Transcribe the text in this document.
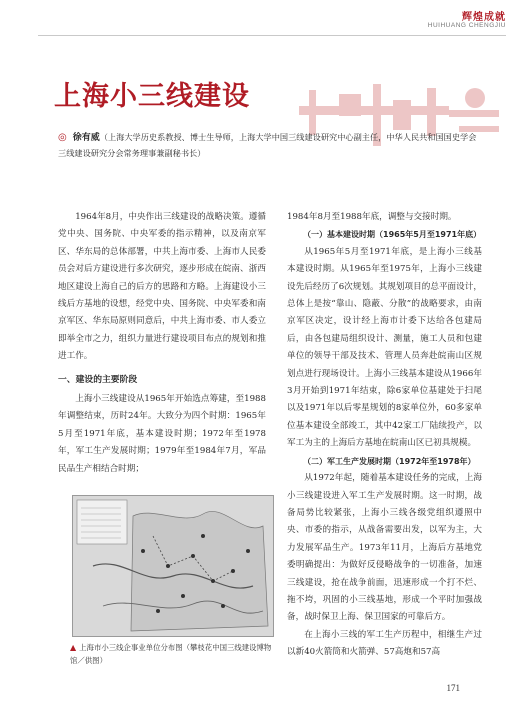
辉煌成就
HUIHUANG CHENGJIU
上海小三线建设
◎ 徐有威（上海大学历史系教授、博士生导师，上海大学中国三线建设研究中心副主任，中华人民共和国国史学会三线建设研究分会常务理事兼副秘书长）

1964年8月，中央作出三线建设的战略决策。遵循党中央、国务院、中央军委的指示精神，以及南京军区、华东局的总体部署，中共上海市委、上海市人民委员会对后方建设进行多次研究，逐步形成在皖南、浙西地区建设上海自己的后方的思路和方略。上海建设小三线后方基地的设想，经党中央、国务院、中央军委和南京军区、华东局原则同意后，中共上海市委、市人委立即举全市之力，组织力量进行建设项目布点的规划和推进工作。

一、建设的主要阶段

上海小三线建设从1965年开始选点筹建，至1988年调整结束，历时24年。大致分为四个时期：1965年5月至1971年底，基本建设时期；1972年至1978年，军工生产发展时期；1979年至1984年7月，军品民品生产相结合时期；

▲ 上海市小三线企事业单位分布图（攀枝花中国三线建设博物馆／供图）
1984年8月至1988年底，调整与交接时期。
（一）基本建设时期（1965年5月至1971年底）

从1965年5月至1971年底，是上海小三线基本建设时期。从1965年至1975年，上海小三线建设先后经历了6次规划。其规划项目的总平面设计，总体上是按“靠山、隐蔽、分散”的战略要求，由南京军区决定，设计经上海市计委下达给各包建局后，由各包建局组织设计、测量，施工人员和包建单位的领导干部及技术、管理人员奔赴皖南山区规划点进行现场设计。上海小三线基本建设从1966年3月开始到1971年结束，除6家单位基建处于扫尾以及1971年以后零星规划的8家单位外，60多家单位基本建设全部竣工，其中42家工厂陆续投产，以军工为主的上海后方基地在皖南山区已初具规模。

（二）军工生产发展时期（1972年至1978年）

从1972年起，随着基本建设任务的完成，上海小三线建设进入军工生产发展时期。这一时期，战备局势比较紧张，上海小三线各级党组织遵照中央、市委的指示，从战备需要出发，以军为主，大力发展军品生产。1973年11月，上海后方基地党委明确提出：为做好反侵略战争的一切准备，加速三线建设，抢在战争前面，迅速形成一个打不烂、拖不垮，巩固的小三线基地，形成一个平时加强战备，战时保卫上海、保卫国家的可靠后方。

在上海小三线的军工生产历程中，相继生产过以新40火箭筒和火箭弹、57高炮和57高

171
